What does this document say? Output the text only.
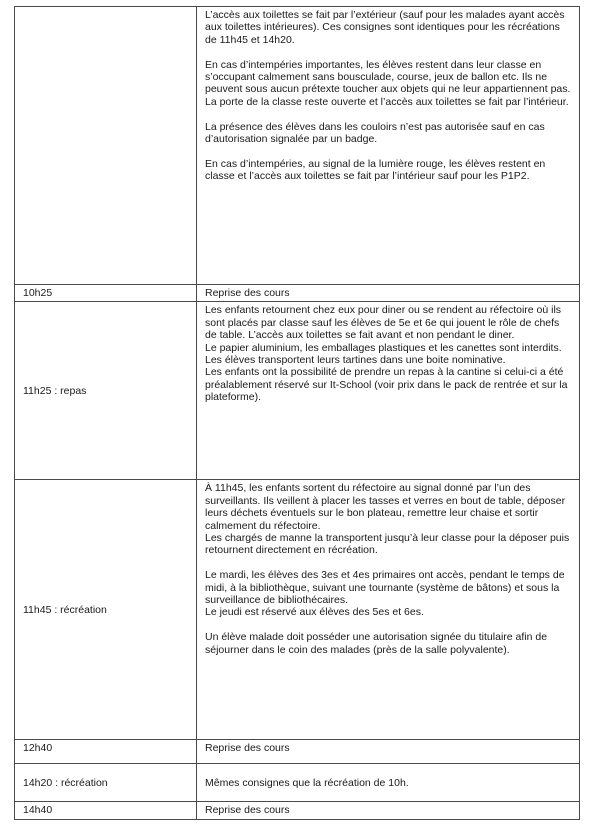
	L’accès aux toilettes se fait par l’extérieur (sauf pour les malades ayant accès aux toilettes intérieures). Ces consignes sont identiques pour les récréations de 11h45 et 14h20.

En cas d’intempéries importantes, les élèves restent dans leur classe en s’occupant calmement sans bousculade, course, jeux de ballon etc. Ils ne peuvent sous aucun prétexte toucher aux objets qui ne leur appartiennent pas. La porte de la classe reste ouverte et l’accès aux toilettes se fait par l’intérieur.

La présence des élèves dans les couloirs n’est pas autorisée sauf en cas d’autorisation signalée par un badge.

En cas d’intempéries, au signal de la lumière rouge, les élèves restent en classe et l’accès aux toilettes se fait par l’intérieur sauf pour les P1P2.

10h25	Reprise des cours
11h25 : repas	Les enfants retournent chez eux pour diner ou se rendent au réfectoire où ils sont placés par classe sauf les élèves de 5e et 6e qui jouent le rôle de chefs de table. L’accès aux toilettes se fait avant et non pendant le diner.

Le papier aluminium, les emballages plastiques et les canettes sont interdits. Les élèves transportent leurs tartines dans une boite nominative.

Les enfants ont la possibilité de prendre un repas à la cantine si celui-ci a été préalablement réservé sur It-School (voir prix dans le pack de rentrée et sur la plateforme).

11h45 : récréation	À 11h45, les enfants sortent du réfectoire au signal donné par l’un des surveillants. Ils veillent à placer les tasses et verres en bout de table, déposer leurs déchets éventuels sur le bon plateau, remettre leur chaise et sortir calmement du réfectoire.

Les chargés de manne la transportent jusqu’à leur classe pour la déposer puis retournent directement en récréation.

Le mardi, les élèves des 3es et 4es primaires ont accès, pendant le temps de midi, à la bibliothèque, suivant une tournante (système de bâtons) et sous la surveillance de bibliothécaires.

Le jeudi est réservé aux élèves des 5es et 6es.

Un élève malade doit posséder une autorisation signée du titulaire afin de séjourner dans le coin des malades (près de la salle polyvalente).

12h40	Reprise des cours
14h20 : récréation	Mêmes consignes que la récréation de 10h.
14h40	Reprise des cours
